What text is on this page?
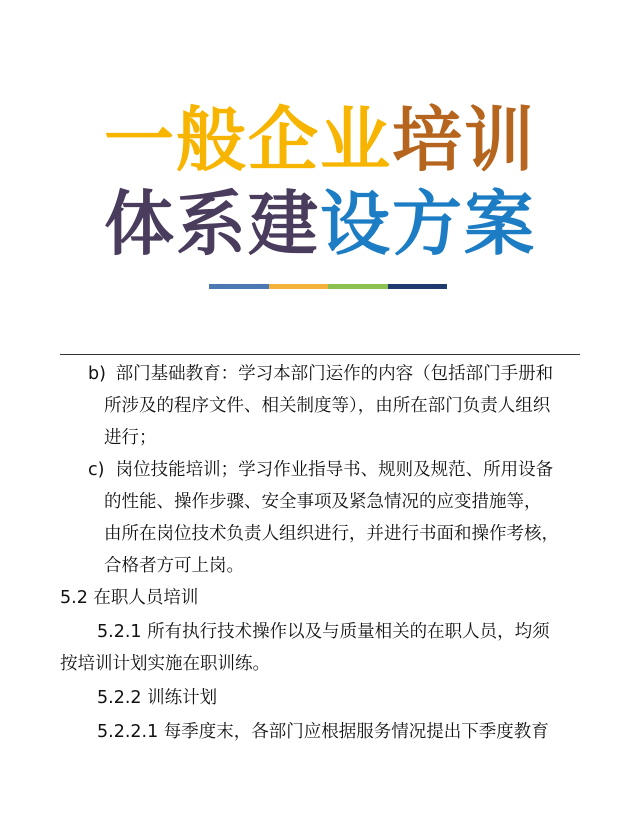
一般企业培训
体系建设方案
b) 部门基础教育：学习本部门运作的内容（包括部门手册和
所涉及的程序文件、相关制度等），由所在部门负责人组织
进行；
c) 岗位技能培训；学习作业指导书、规则及规范、所用设备
的性能、操作步骤、安全事项及紧急情况的应变措施等，
由所在岗位技术负责人组织进行，并进行书面和操作考核，
合格者方可上岗。
5.2 在职人员培训
5.2.1 所有执行技术操作以及与质量相关的在职人员，均须
按培训计划实施在职训练。
5.2.2 训练计划
5.2.2.1 每季度末，各部门应根据服务情况提出下季度教育
